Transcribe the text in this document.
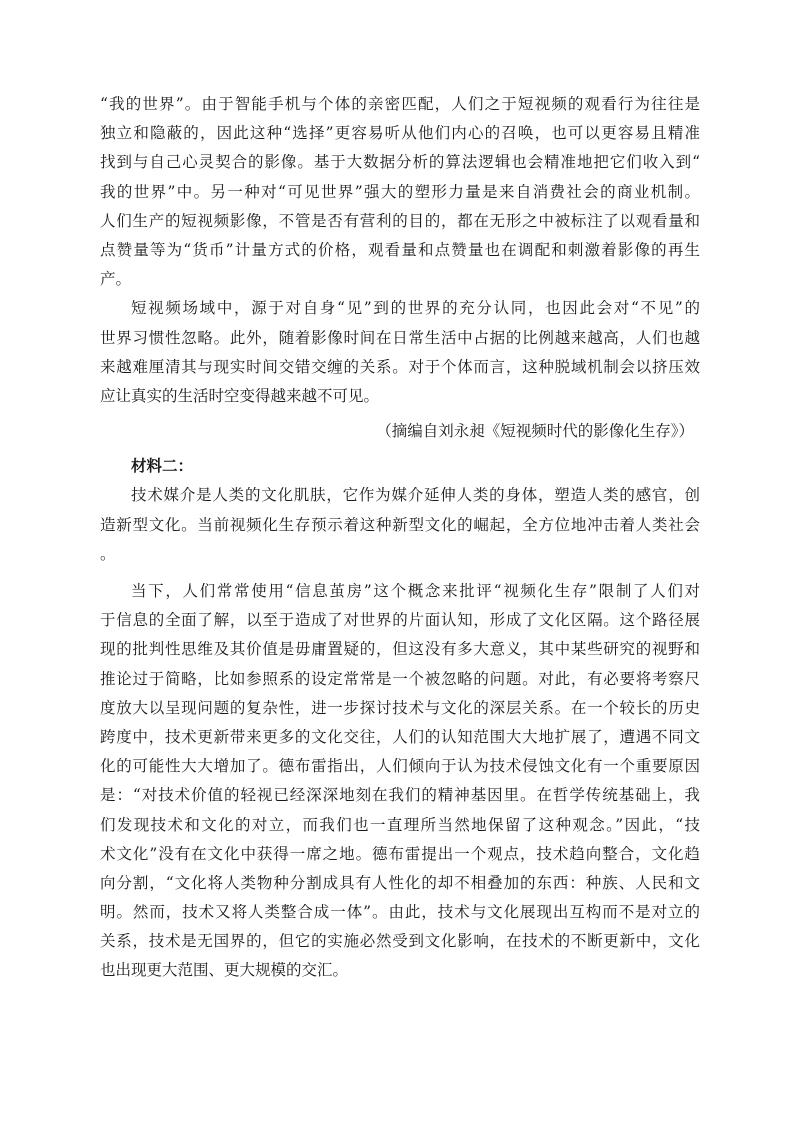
“我的世界”。由于智能手机与个体的亲密匹配，人们之于短视频的观看行为往往是
独立和隐蔽的，因此这种“选择”更容易听从他们内心的召唤，也可以更容易且精准
找到与自己心灵契合的影像。基于大数据分析的算法逻辑也会精准地把它们收入到“
我的世界”中。另一种对“可见世界”强大的塑形力量是来自消费社会的商业机制。
人们生产的短视频影像，不管是否有营利的目的，都在无形之中被标注了以观看量和
点赞量等为“货币”计量方式的价格，观看量和点赞量也在调配和刺激着影像的再生
产。
短视频场域中，源于对自身“见”到的世界的充分认同，也因此会对“不见”的
世界习惯性忽略。此外，随着影像时间在日常生活中占据的比例越来越高，人们也越
来越难厘清其与现实时间交错交缠的关系。对于个体而言，这种脱域机制会以挤压效
应让真实的生活时空变得越来越不可见。
（摘编自刘永昶《短视频时代的影像化生存》）
材料二：
技术媒介是人类的文化肌肤，它作为媒介延伸人类的身体，塑造人类的感官，创
造新型文化。当前视频化生存预示着这种新型文化的崛起，全方位地冲击着人类社会
。
当下，人们常常使用“信息茧房”这个概念来批评“视频化生存”限制了人们对
于信息的全面了解，以至于造成了对世界的片面认知，形成了文化区隔。这个路径展
现的批判性思维及其价值是毋庸置疑的，但这没有多大意义，其中某些研究的视野和
推论过于简略，比如参照系的设定常常是一个被忽略的问题。对此，有必要将考察尺
度放大以呈现问题的复杂性，进一步探讨技术与文化的深层关系。在一个较长的历史
跨度中，技术更新带来更多的文化交往，人们的认知范围大大地扩展了，遭遇不同文
化的可能性大大增加了。德布雷指出，人们倾向于认为技术侵蚀文化有一个重要原因
是：“对技术价值的轻视已经深深地刻在我们的精神基因里。在哲学传统基础上，我
们发现技术和文化的对立，而我们也一直理所当然地保留了这种观念。”因此，“技
术文化”没有在文化中获得一席之地。德布雷提出一个观点，技术趋向整合，文化趋
向分割，“文化将人类物种分割成具有人性化的却不相叠加的东西：种族、人民和文
明。然而，技术又将人类整合成一体”。由此，技术与文化展现出互构而不是对立的
关系，技术是无国界的，但它的实施必然受到文化影响，在技术的不断更新中，文化
也出现更大范围、更大规模的交汇。
